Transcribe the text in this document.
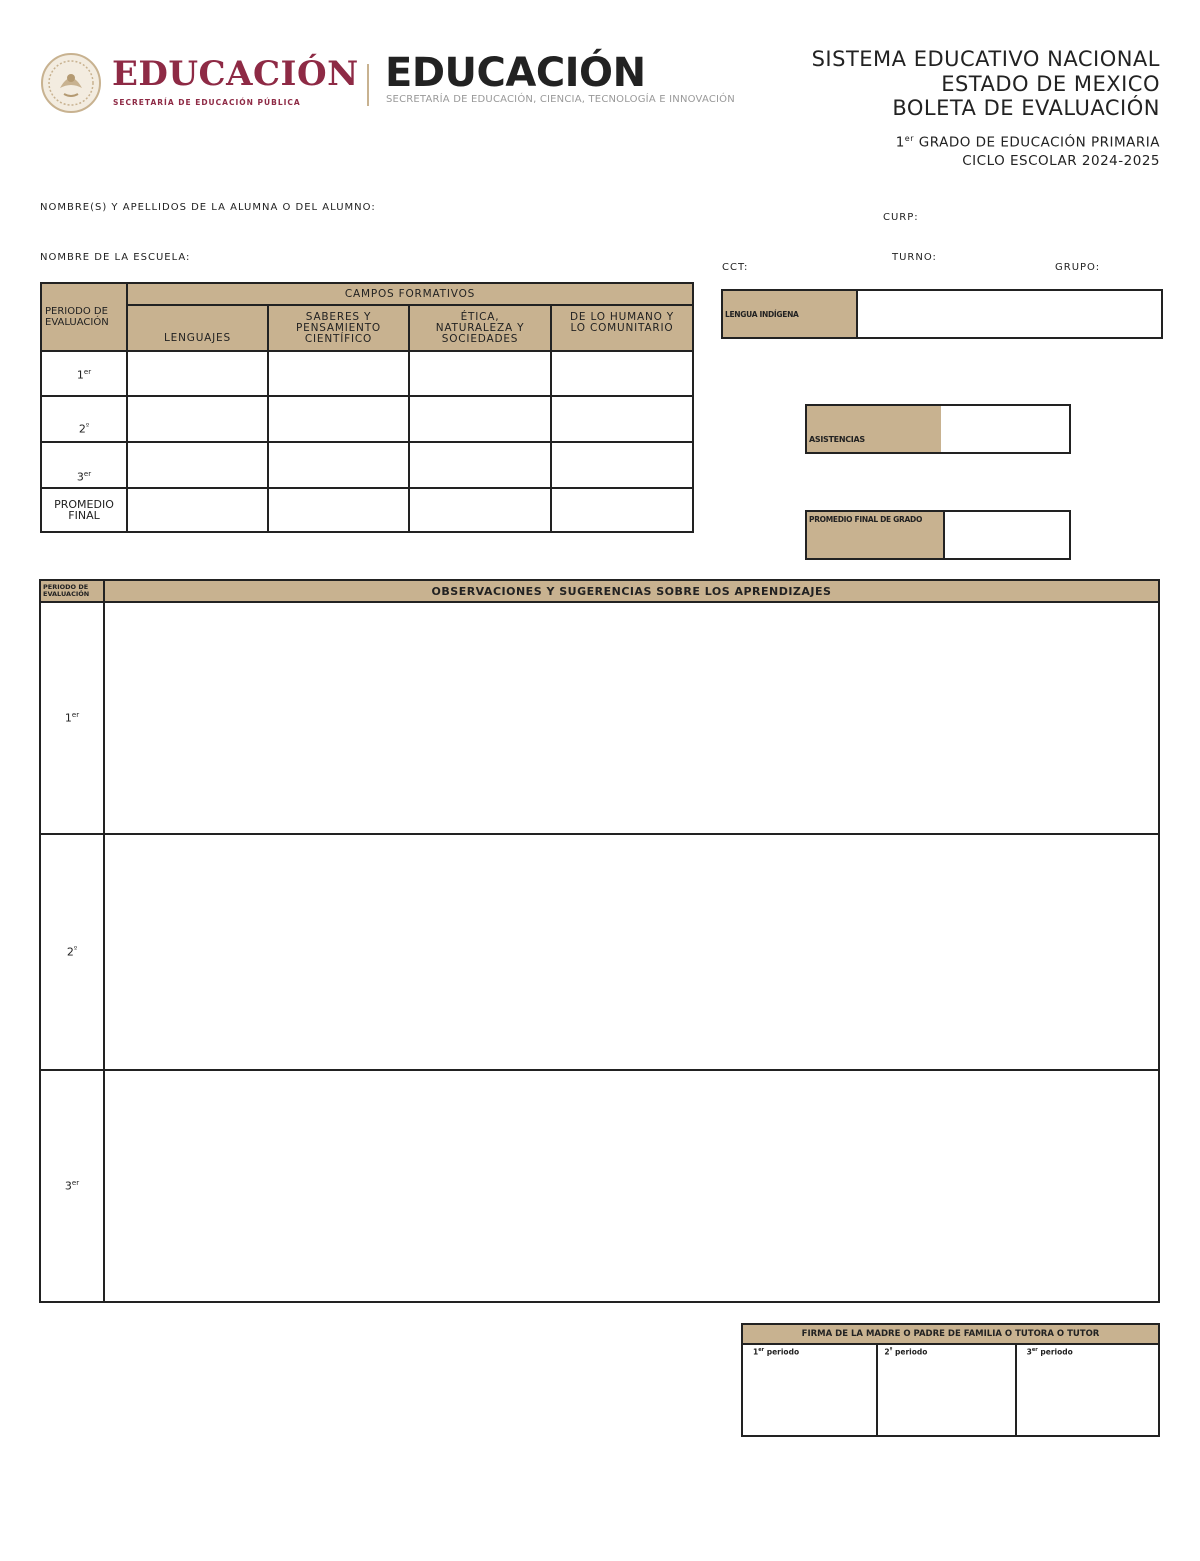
EDUCACIÓN
SECRETARÍA DE EDUCACIÓN PÚBLICA
EDUCACIÓN
SECRETARÍA DE EDUCACIÓN, CIENCIA, TECNOLOGÍA E INNOVACIÓN
SISTEMA EDUCATIVO NACIONAL
ESTADO DE MEXICO
BOLETA DE EVALUACIÓN
1er GRADO DE EDUCACIÓN PRIMARIA
CICLO ESCOLAR 2024-2025
NOMBRE(S) Y APELLIDOS DE LA ALUMNA O DEL ALUMNO:
CURP:
NOMBRE DE LA ESCUELA:	TURNO:
CCT:	GRUPO:
PERIODO DE EVALUACIÓN	CAMPOS FORMATIVOS			
	LENGUAJES	SABERES Y PENSAMIENTO CIENTÍFICO	ÉTICA, NATURALEZA Y SOCIEDADES	DE LO HUMANO Y LO COMUNITARIO
1er				
$2^º$				
3er				
PROMEDIO FINAL				
LENGUA INDÍGENA
ASISTENCIAS
PROMEDIO FINAL DE GRADO
PERIODO DE EVALUACIÓN	OBSERVACIONES Y SUGERENCIAS SOBRE LOS APRENDIZAJES
1er	
$2^º$	
3er	
FIRMA DE LA MADRE O PADRE DE FAMILIA O TUTORA O TUTOR
1er periodo	$2^º$ periodo	3er periodo
